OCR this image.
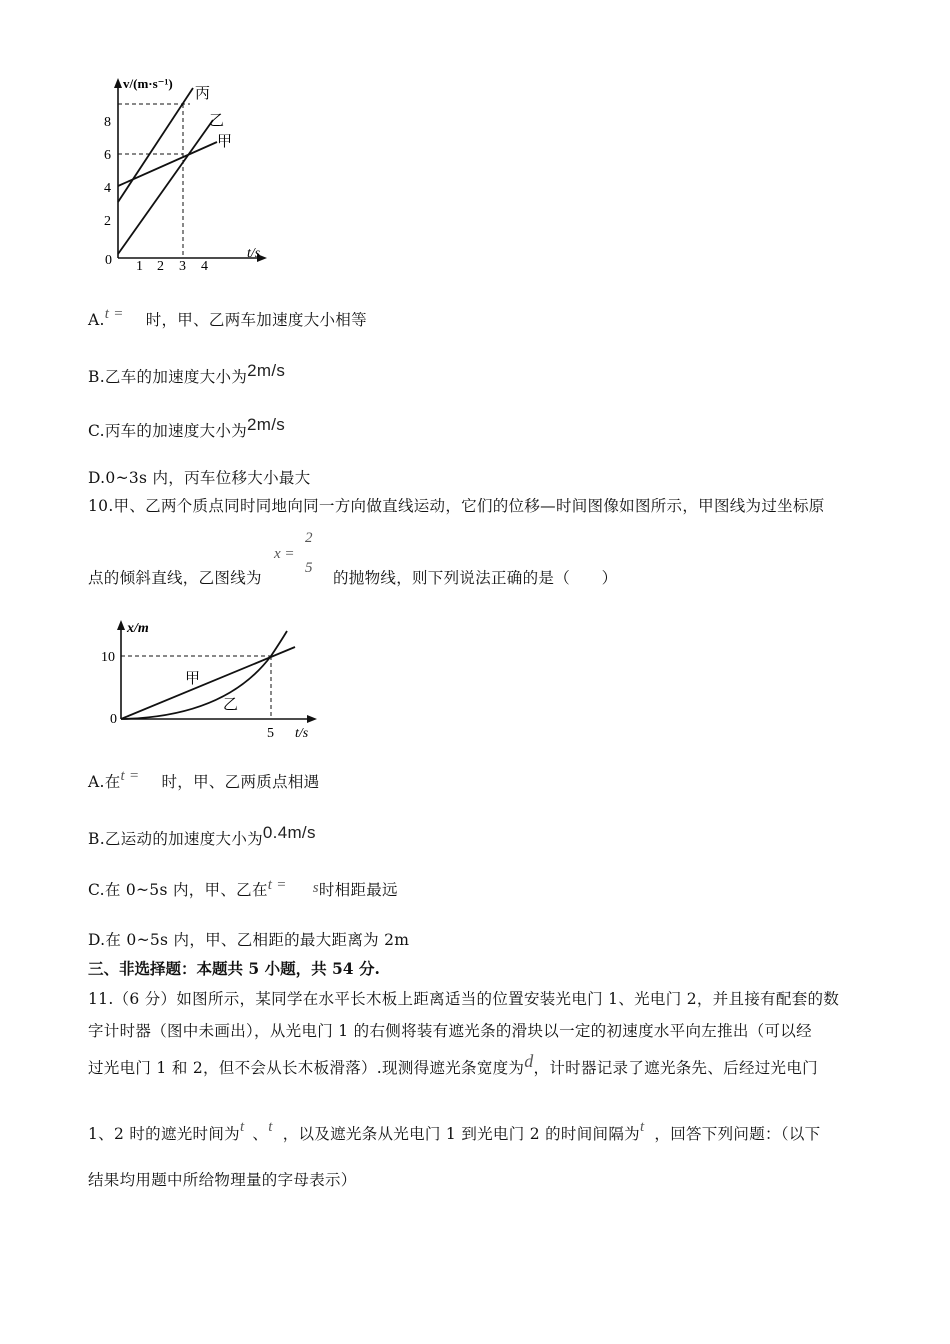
v/(m·s⁻¹)
t/s
0
8
6
4
2
1 2 3 4
丙
乙
甲
A.t = 时，甲、乙两车加速度大小相等
B.乙车的加速度大小为2m/s
C.丙车的加速度大小为2m/s
D.0~3s 内，丙车位移大小最大
10.甲、乙两个质点同时同地向同一方向做直线运动，它们的位移—时间图像如图所示，甲图线为过坐标原
点的倾斜直线，乙图线为
x =
2
5
的抛物线，则下列说法正确的是（　　）
x/m
t/s
0
10
5
甲
乙
A.在t = 时，甲、乙两质点相遇
B.乙运动的加速度大小为0.4m/s
C.在 0~5s 内，甲、乙在t = s时相距最远
D.在 0~5s 内，甲、乙相距的最大距离为 2m
三、非选择题：本题共 5 小题，共 54 分.
11.（6 分）如图所示，某同学在水平长木板上距离适当的位置安装光电门 1、光电门 2，并且接有配套的数
字计时器（图中未画出），从光电门 1 的右侧将装有遮光条的滑块以一定的初速度水平向左推出（可以经
过光电门 1 和 2，但不会从长木板滑落）.现测得遮光条宽度为d，计时器记录了遮光条先、后经过光电门
1、2 时的遮光时间为t 、t ，以及遮光条从光电门 1 到光电门 2 的时间间隔为t ，回答下列问题：（以下
结果均用题中所给物理量的字母表示）
